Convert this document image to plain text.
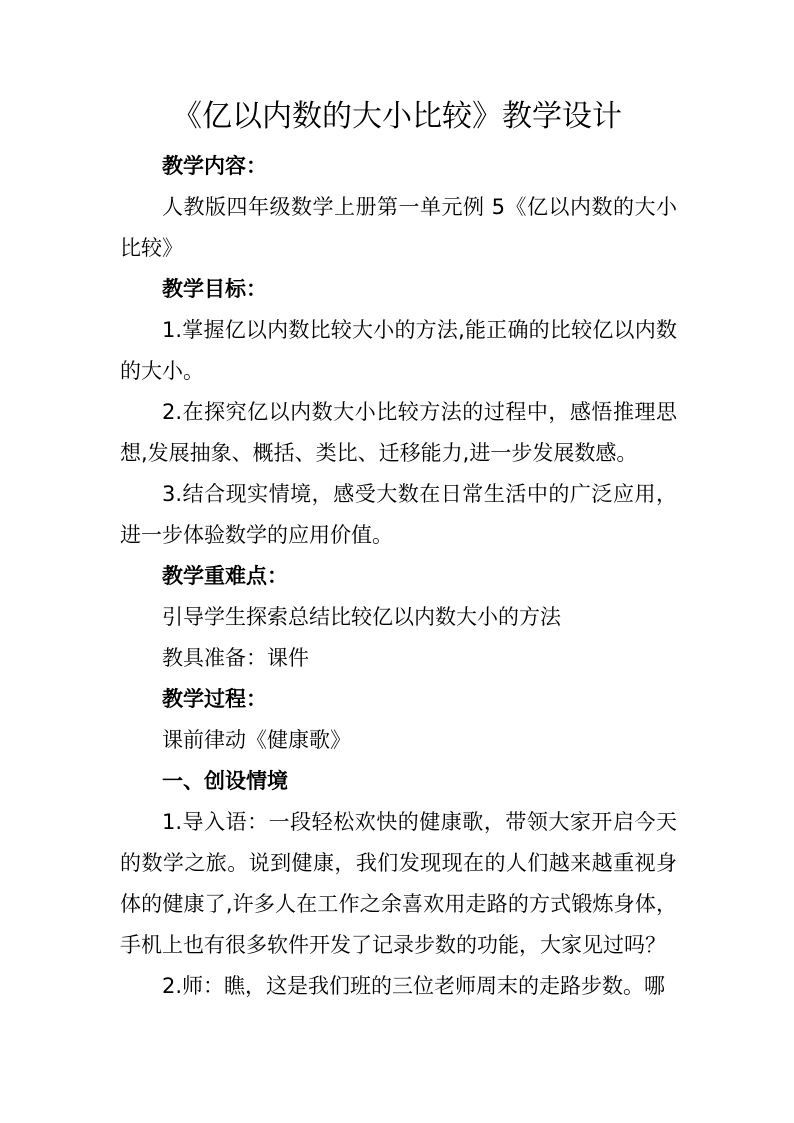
《亿以内数的大小比较》教学设计

教学内容：

人教版四年级数学上册第一单元例 5《亿以内数的大小比较》

教学目标：

1.掌握亿以内数比较大小的方法,能正确的比较亿以内数的大小。

2.在探究亿以内数大小比较方法的过程中，感悟推理思想,发展抽象、概括、类比、迁移能力,进一步发展数感。

3.结合现实情境，感受大数在日常生活中的广泛应用，进一步体验数学的应用价值。

教学重难点：

引导学生探索总结比较亿以内数大小的方法

教具准备：课件

教学过程：

课前律动《健康歌》

一、创设情境

1.导入语：一段轻松欢快的健康歌，带领大家开启今天的数学之旅。说到健康，我们发现现在的人们越来越重视身体的健康了,许多人在工作之余喜欢用走路的方式锻炼身体，手机上也有很多软件开发了记录步数的功能，大家见过吗？

2.师：瞧，这是我们班的三位老师周末的走路步数。哪
